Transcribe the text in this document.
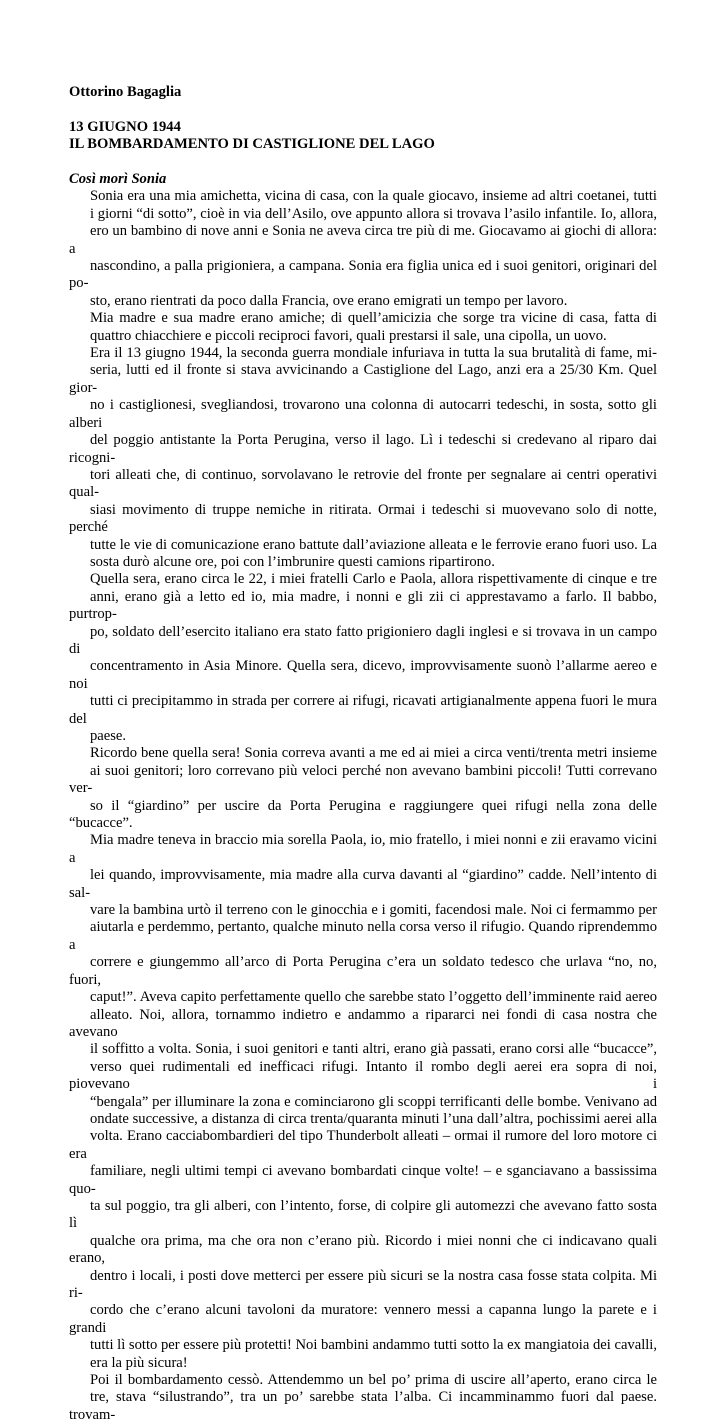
Ottorino Bagaglia
13 GIUGNO 1944
IL BOMBARDAMENTO DI CASTIGLIONE DEL LAGO
Così morì Sonia
Sonia era una mia amichetta, vicina di casa, con la quale giocavo, insieme ad altri coetanei, tutti
i giorni “di sotto”, cioè in via dell’Asilo, ove appunto allora si trovava l’asilo infantile. Io, allora,
ero un bambino di nove anni e Sonia ne aveva circa tre più di me. Giocavamo ai giochi di allora: a
nascondino, a palla prigioniera, a campana. Sonia era figlia unica ed i suoi genitori, originari del po-
sto, erano rientrati da poco dalla Francia, ove erano emigrati un tempo per lavoro.
Mia madre e sua madre erano amiche; di quell’amicizia che sorge tra vicine di casa, fatta di
quattro chiacchiere e piccoli reciproci favori, quali prestarsi il sale, una cipolla, un uovo.
Era il 13 giugno 1944, la seconda guerra mondiale infuriava in tutta la sua brutalità di fame, mi-
seria, lutti ed il fronte si stava avvicinando a Castiglione del Lago, anzi era a 25/30 Km. Quel gior-
no i castiglionesi, svegliandosi, trovarono una colonna di autocarri tedeschi, in sosta, sotto gli alberi
del poggio antistante la Porta Perugina, verso il lago. Lì i tedeschi si credevano al riparo dai ricogni-
tori alleati che, di continuo, sorvolavano le retrovie del fronte per segnalare ai centri operativi qual-
siasi movimento di truppe nemiche in ritirata. Ormai i tedeschi si muovevano solo di notte, perché
tutte le vie di comunicazione erano battute dall’aviazione alleata e le ferrovie erano fuori uso. La
sosta durò alcune ore, poi con l’imbrunire questi camions ripartirono.
Quella sera, erano circa le 22, i miei fratelli Carlo e Paola, allora rispettivamente di cinque e tre
anni, erano già a letto ed io, mia madre, i nonni e gli zii ci apprestavamo a farlo. Il babbo, purtrop-
po, soldato dell’esercito italiano era stato fatto prigioniero dagli inglesi e si trovava in un campo di
concentramento in Asia Minore. Quella sera, dicevo, improvvisamente suonò l’allarme aereo e noi
tutti ci precipitammo in strada per correre ai rifugi, ricavati artigianalmente appena fuori le mura del
paese.
Ricordo bene quella sera! Sonia correva avanti a me ed ai miei a circa venti/trenta metri insieme
ai suoi genitori; loro correvano più veloci perché non avevano bambini piccoli! Tutti correvano ver-
so il “giardino” per uscire da Porta Perugina e raggiungere quei rifugi nella zona delle “bucacce”.
Mia madre teneva in braccio mia sorella Paola, io, mio fratello, i miei nonni e zii eravamo vicini a
lei quando, improvvisamente, mia madre alla curva davanti al “giardino” cadde. Nell’intento di sal-
vare la bambina urtò il terreno con le ginocchia e i gomiti, facendosi male. Noi ci fermammo per
aiutarla e perdemmo, pertanto, qualche minuto nella corsa verso il rifugio. Quando riprendemmo a
correre e giungemmo all’arco di Porta Perugina c’era un soldato tedesco che urlava “no, no, fuori,
caput!”. Aveva capito perfettamente quello che sarebbe stato l’oggetto dell’imminente raid aereo
alleato. Noi, allora, tornammo indietro e andammo a ripararci nei fondi di casa nostra che avevano
il soffitto a volta. Sonia, i suoi genitori e tanti altri, erano già passati, erano corsi alle “bucacce”,
verso quei rudimentali ed inefficaci rifugi. Intanto il rombo degli aerei era sopra di noi, piovevano i
“bengala” per illuminare la zona e cominciarono gli scoppi terrificanti delle bombe. Venivano ad
ondate successive, a distanza di circa trenta/quaranta minuti l’una dall’altra, pochissimi aerei alla
volta. Erano cacciabombardieri del tipo Thunderbolt alleati – ormai il rumore del loro motore ci era
familiare, negli ultimi tempi ci avevano bombardati cinque volte! – e sganciavano a bassissima quo-
ta sul poggio, tra gli alberi, con l’intento, forse, di colpire gli automezzi che avevano fatto sosta lì
qualche ora prima, ma che ora non c’erano più. Ricordo i miei nonni che ci indicavano quali erano,
dentro i locali, i posti dove metterci per essere più sicuri se la nostra casa fosse stata colpita. Mi ri-
cordo che c’erano alcuni tavoloni da muratore: vennero messi a capanna lungo la parete e i grandi
tutti lì sotto per essere più protetti! Noi bambini andammo tutti sotto la ex mangiatoia dei cavalli,
era la più sicura!
Poi il bombardamento cessò. Attendemmo un bel po’ prima di uscire all’aperto, erano circa le
tre, stava “silustrando”, tra un po’ sarebbe stata l’alba. Ci incamminammo fuori dal paese. trovam-
